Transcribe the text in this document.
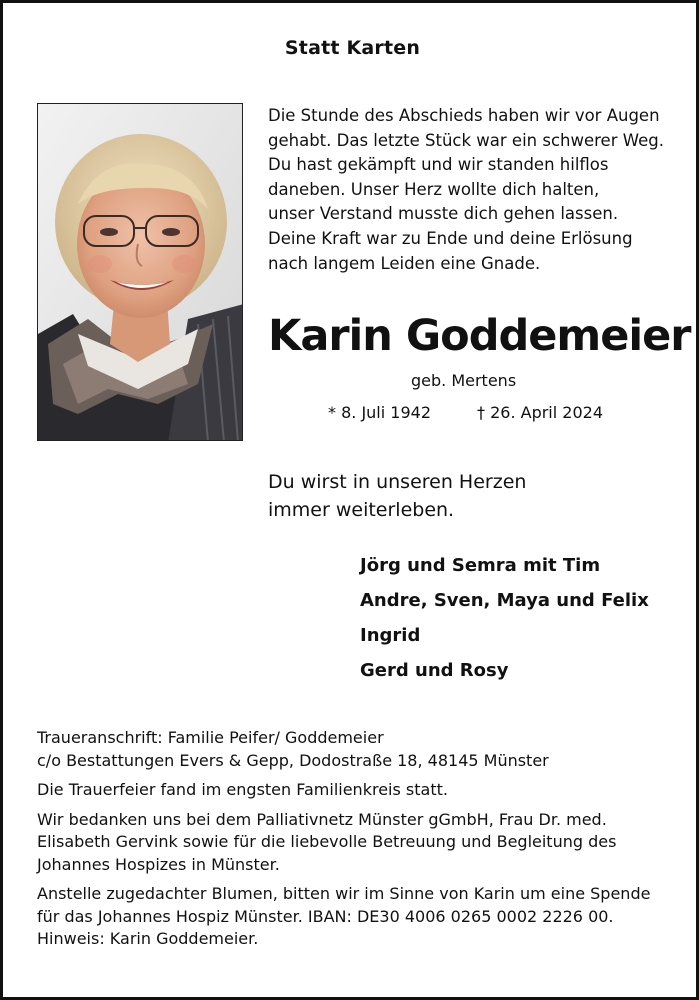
Statt Karten
Die Stunde des Abschieds haben wir vor Augen
gehabt. Das letzte Stück war ein schwerer Weg.
Du hast gekämpft und wir standen hilflos
daneben. Unser Herz wollte dich halten,
unser Verstand musste dich gehen lassen.
Deine Kraft war zu Ende und deine Erlösung
nach langem Leiden eine Gnade.
Karin Goddemeier
geb. Mertens
* 8. Juli 1942	† 26. April 2024
Du wirst in unseren Herzen
immer weiterleben.
Jörg und Semra mit Tim
Andre, Sven, Maya und Felix
Ingrid
Gerd und Rosy
Traueranschrift: Familie Peifer/ Goddemeier
c/o Bestattungen Evers & Gepp, Dodostraße 18, 48145 Münster
Die Trauerfeier fand im engsten Familienkreis statt.
Wir bedanken uns bei dem Palliativnetz Münster gGmbH, Frau Dr. med.
Elisabeth Gervink sowie für die liebevolle Betreuung und Begleitung des
Johannes Hospizes in Münster.
Anstelle zugedachter Blumen, bitten wir im Sinne von Karin um eine Spende
für das Johannes Hospiz Münster. IBAN: DE30 4006 0265 0002 2226 00.
Hinweis: Karin Goddemeier.
